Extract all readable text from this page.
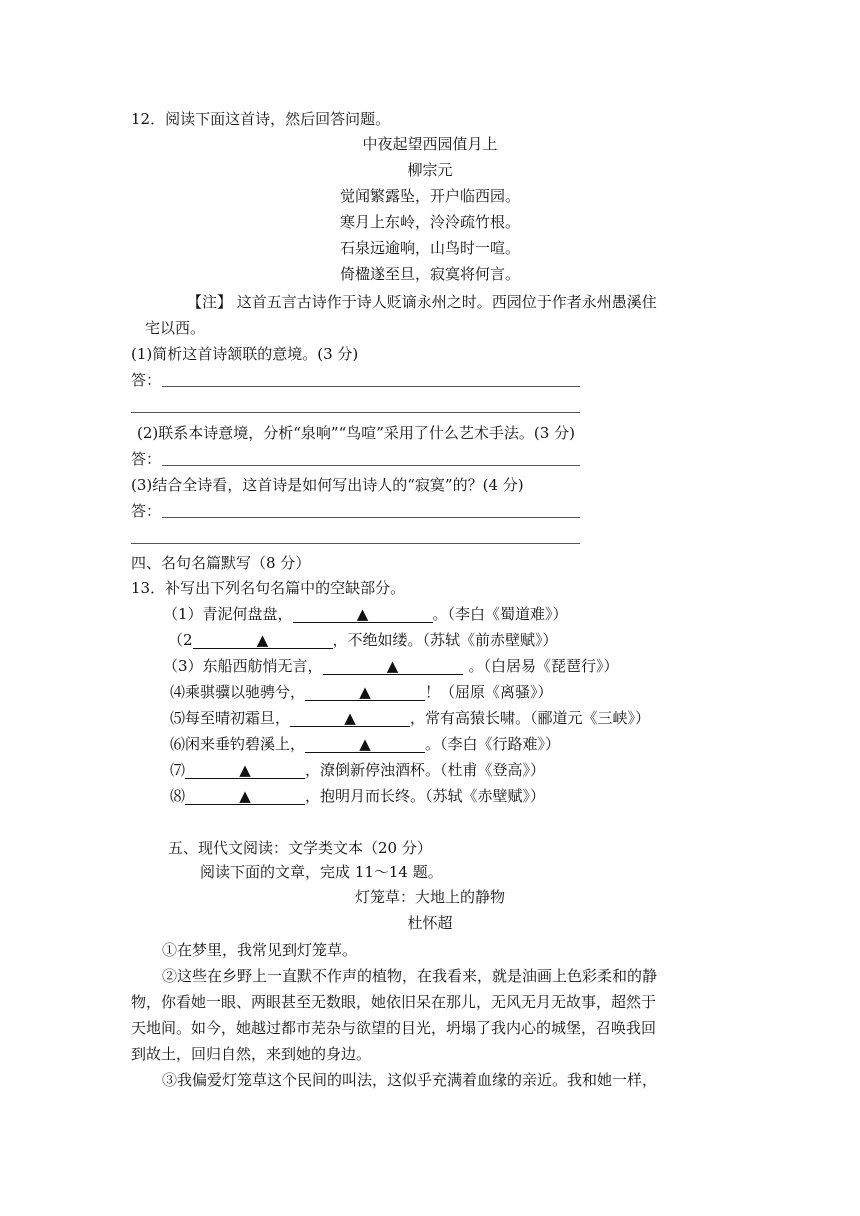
12．阅读下面这首诗，然后回答问题。
中夜起望西园值月上
柳宗元
觉闻繁露坠，开户临西园。
寒月上东岭，泠泠疏竹根。
石泉远逾响，山鸟时一喧。
倚楹遂至旦，寂寞将何言。
【注】 这首五言古诗作于诗人贬谪永州之时。西园位于作者永州愚溪住
宅以西。
(1)简析这首诗颔联的意境。(3 分)
答：
(2)联系本诗意境，分析“泉响”“鸟喧”采用了什么艺术手法。(3 分)
答：
(3)结合全诗看，这首诗是如何写出诗人的“寂寞”的？(4 分)
答：
四、名句名篇默写（8 分）
13．补写出下列名句名篇中的空缺部分。
（1）青泥何盘盘，	▲	。（李白《蜀道难》）
（2	▲	，不绝如缕。（苏轼《前赤壁赋》）
（3）东船西舫悄无言，	▲	。（白居易《琵琶行》）
⑷乘骐骥以驰骋兮，	▲	！（屈原《离骚》）
⑸每至晴初霜旦，	▲	，常有高猿长啸。（郦道元《三峡》）
⑹闲来垂钓碧溪上，	▲	。（李白《行路难》）
⑺	▲	，潦倒新停浊酒杯。（杜甫《登高》）
⑻	▲	，抱明月而长终。（苏轼《赤壁赋》）
五、现代文阅读：文学类文本（20 分）
阅读下面的文章，完成 11～14 题。
灯笼草：大地上的静物
杜怀超
①在梦里，我常见到灯笼草。
②这些在乡野上一直默不作声的植物，在我看来，就是油画上色彩柔和的静
物，你看她一眼、两眼甚至无数眼，她依旧呆在那儿，无风无月无故事，超然于
天地间。如今，她越过都市芜杂与欲望的目光，坍塌了我内心的城堡，召唤我回
到故土，回归自然，来到她的身边。
③我偏爱灯笼草这个民间的叫法，这似乎充满着血缘的亲近。我和她一样，
